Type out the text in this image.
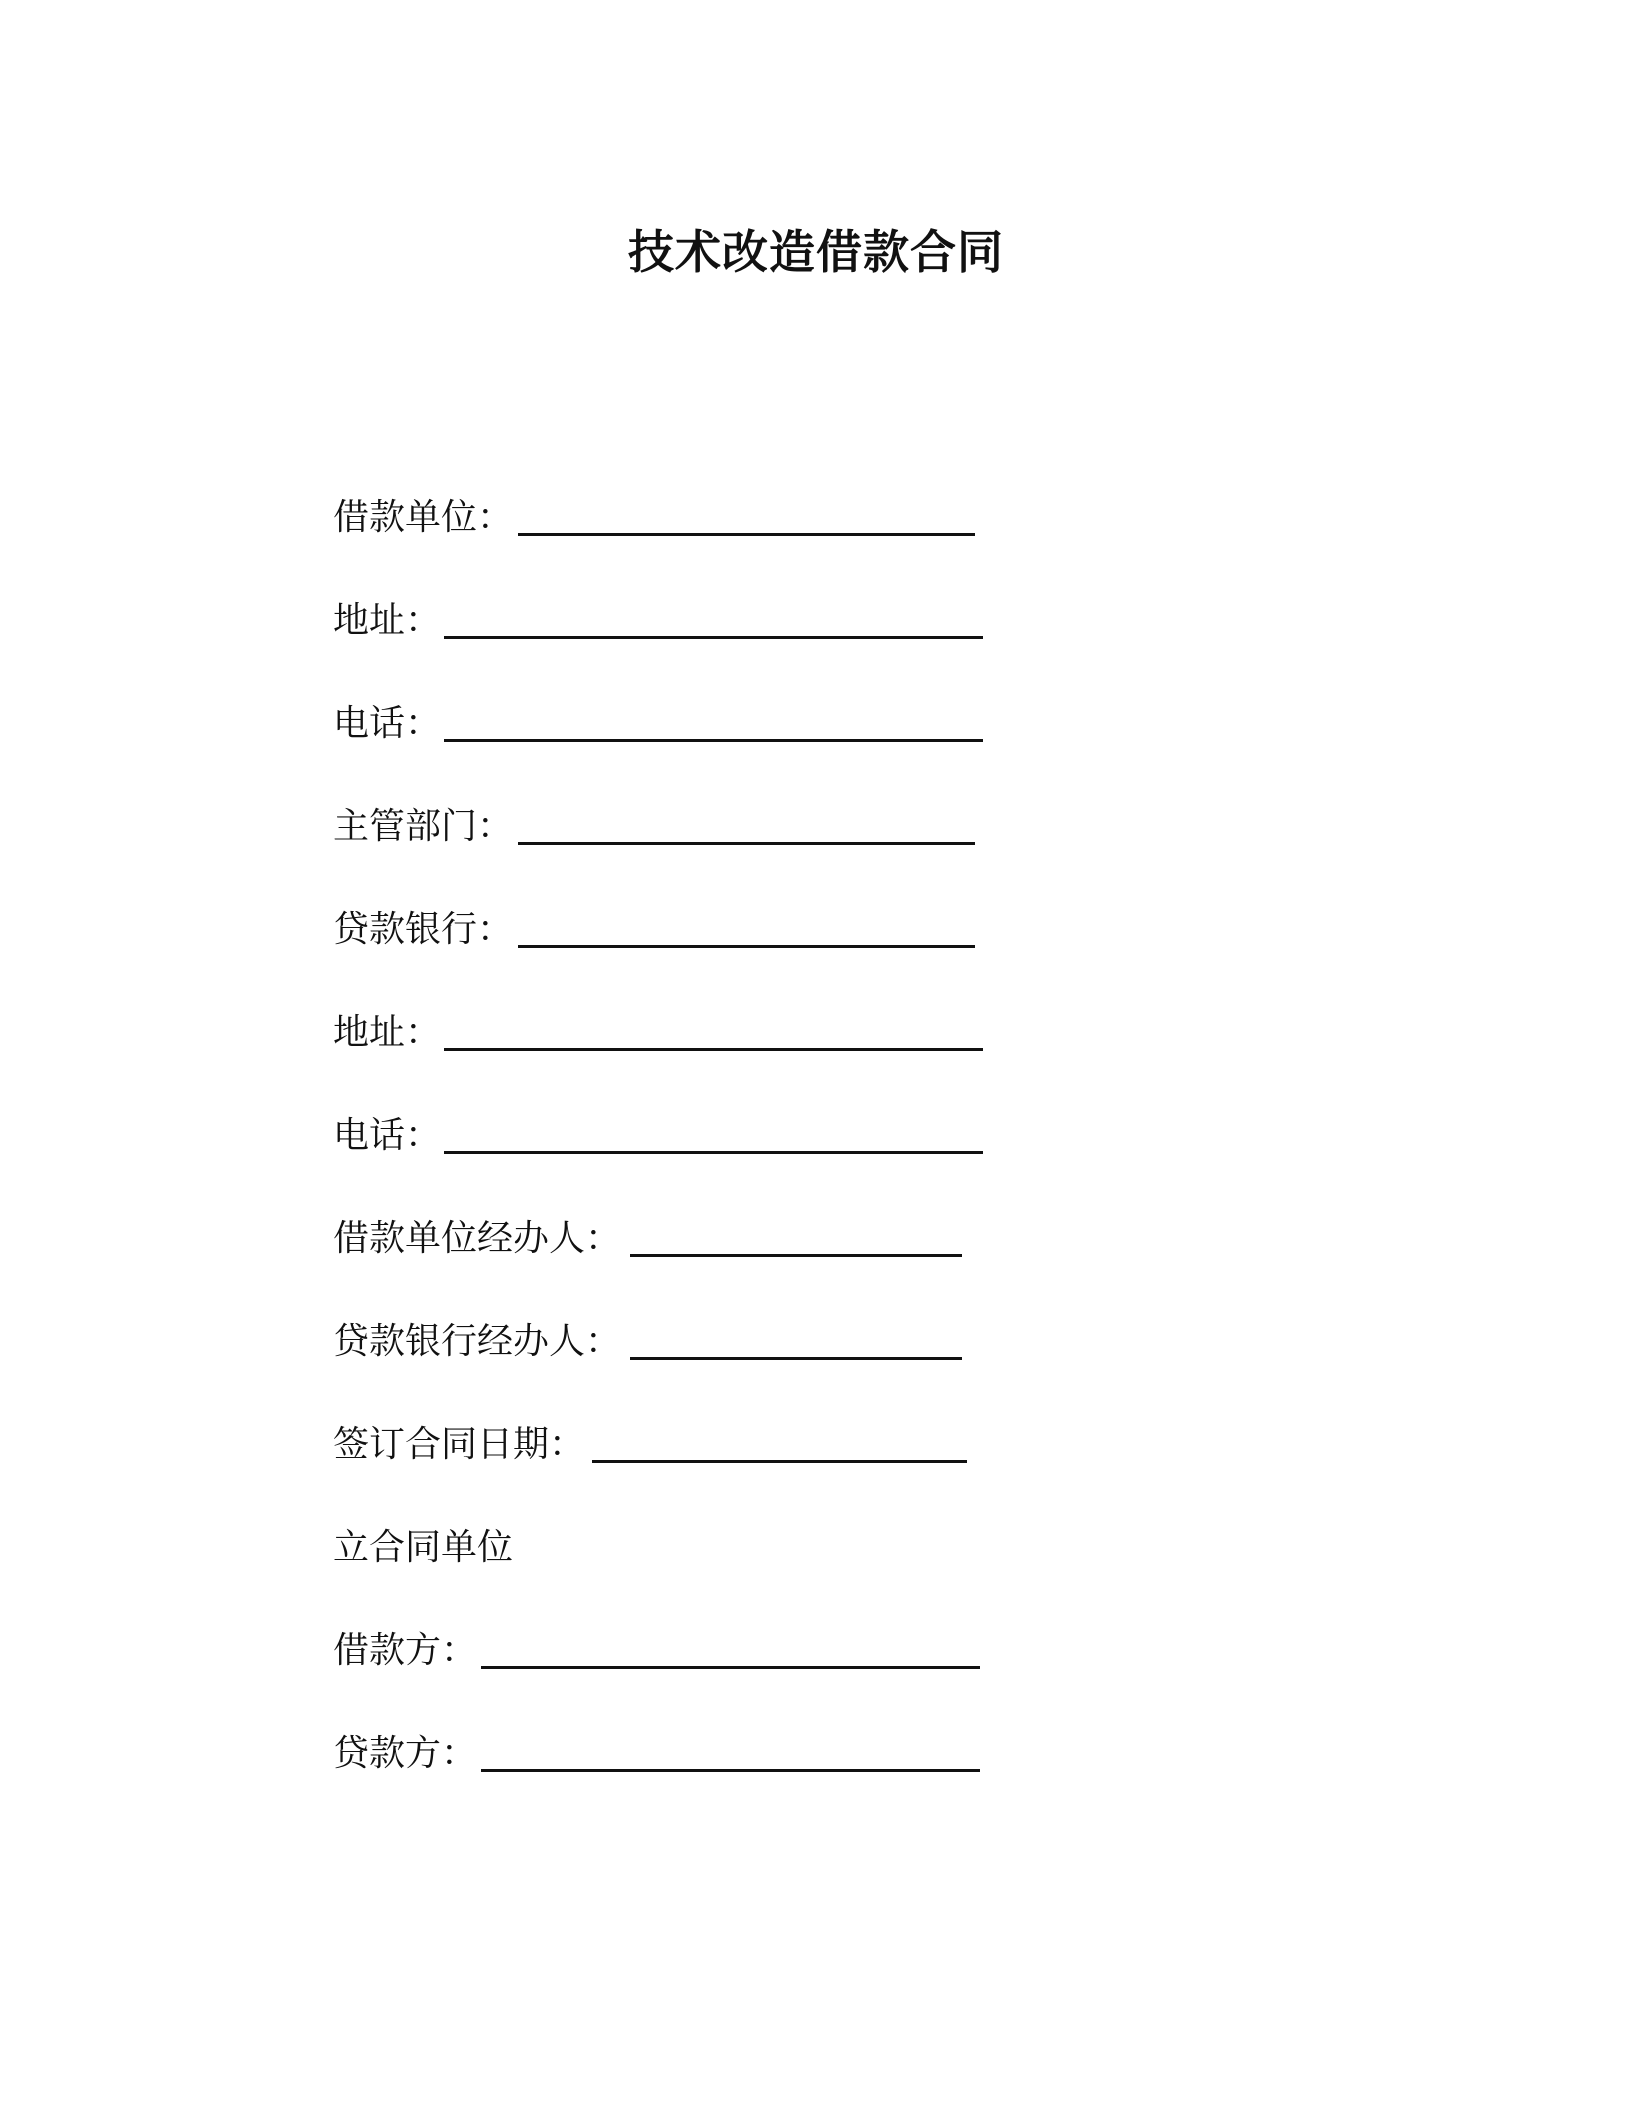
技术改造借款合同
借款单位：
地址：
电话：
主管部门：
贷款银行：
地址：
电话：
借款单位经办人：
贷款银行经办人：
签订合同日期：
立合同单位
借款方：
贷款方：
